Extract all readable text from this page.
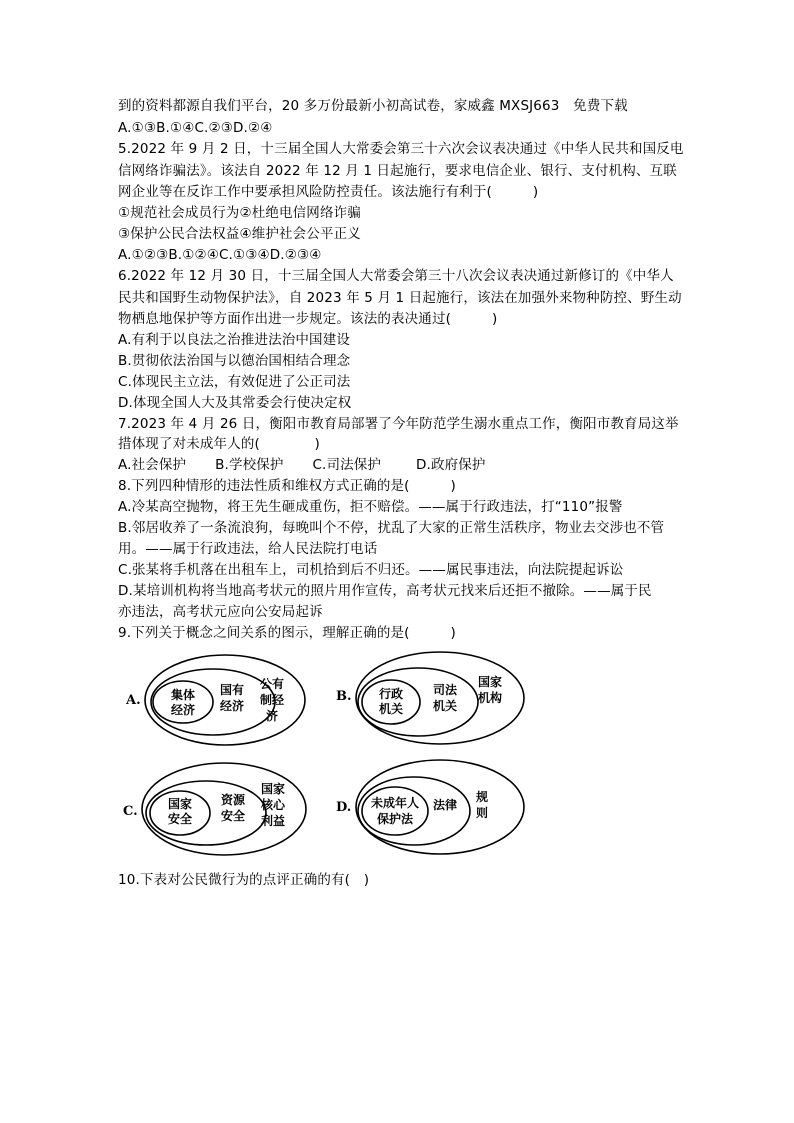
到的资料都源自我们平台，20 多万份最新小初高试卷，家威鑫 MXSJ663　免费下载
A.①③B.①④C.②③D.②④
5.2022 年 9 月 2 日，十三届全国人大常委会第三十六次会议表决通过《中华人民共和国反电
信网络诈骗法》。该法自 2022 年 12 月 1 日起施行，要求电信企业、银行、支付机构、互联
网企业等在反诈工作中要承担风险防控责任。该法施行有利于(　　　)
①规范社会成员行为②杜绝电信网络诈骗
③保护公民合法权益④维护社会公平正义
A.①②③B.①②④C.①③④D.②③④
6.2022 年 12 月 30 日，十三届全国人大常委会第三十八次会议表决通过新修订的《中华人
民共和国野生动物保护法》，自 2023 年 5 月 1 日起施行，该法在加强外来物种防控、野生动
物栖息地保护等方面作出进一步规定。该法的表决通过(　　　)
A.有利于以良法之治推进法治中国建设
B.贯彻依法治国与以德治国相结合理念
C.体现民主立法，有效促进了公正司法
D.体现全国人大及其常委会行使决定权
7.2023 年 4 月 26 日，衡阳市教育局部署了今年防范学生溺水重点工作，衡阳市教育局这举
措体现了对未成年人的(　　　　)
A.社会保护 B.学校保护 C.司法保护	D.政府保护
8.下列四种情形的违法性质和维权方式正确的是(　　　)
A.冷某高空抛物，将王先生砸成重伤，拒不赔偿。——属于行政违法，打“110”报警
B.邻居收养了一条流浪狗，每晚叫个不停，扰乱了大家的正常生活秩序，物业去交涉也不管
用。——属于行政违法，给人民法院打电话
C.张某将手机落在出租车上，司机拾到后不归还。——属民事违法，向法院提起诉讼
D.某培训机构将当地高考状元的照片用作宣传，高考状元找来后还拒不撤除。——属于民
亦违法，高考状元应向公安局起诉
9.下列关于概念之间关系的图示，理解正确的是(　　　)
A.	集体
经济
国有
经济
公有
制经
济
B. 行政
机关
司法
机关
国家
机构
C.	国家
安全
资源
安全
国家
核心
利益
D. 未成年人
保护法
法律
规
则
10.下表对公民微行为的点评正确的有(　)
